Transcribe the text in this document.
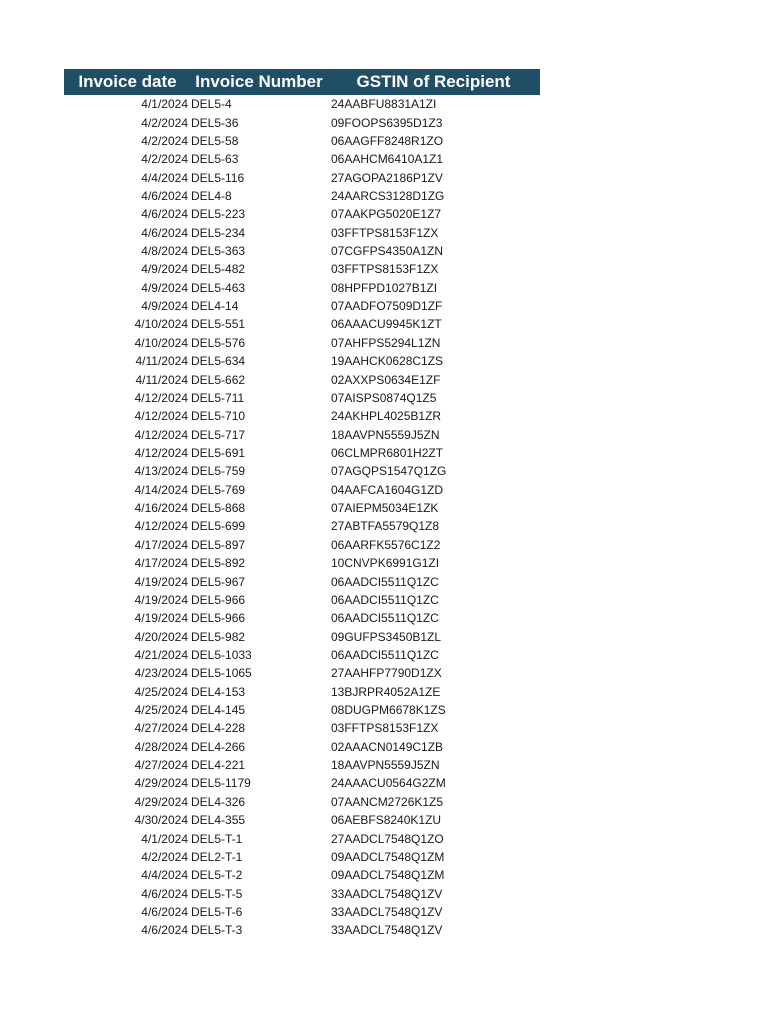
Invoice date	Invoice Number	GSTIN of Recipient
4/1/2024 DEL5-4	24AABFU8831A1ZI
4/2/2024 DEL5-36	09FOOPS6395D1Z3
4/2/2024 DEL5-58	06AAGFF8248R1ZO
4/2/2024 DEL5-63	06AAHCM6410A1Z1
4/4/2024 DEL5-116	27AGOPA2186P1ZV
4/6/2024 DEL4-8	24AARCS3128D1ZG
4/6/2024 DEL5-223	07AAKPG5020E1Z7
4/6/2024 DEL5-234	03FFTPS8153F1ZX
4/8/2024 DEL5-363	07CGFPS4350A1ZN
4/9/2024 DEL5-482	03FFTPS8153F1ZX
4/9/2024 DEL5-463	08HPFPD1027B1ZI
4/9/2024 DEL4-14	07AADFO7509D1ZF
4/10/2024 DEL5-551	06AAACU9945K1ZT
4/10/2024 DEL5-576	07AHFPS5294L1ZN
4/11/2024 DEL5-634	19AAHCK0628C1ZS
4/11/2024 DEL5-662	02AXXPS0634E1ZF
4/12/2024 DEL5-711	07AISPS0874Q1Z5
4/12/2024 DEL5-710	24AKHPL4025B1ZR
4/12/2024 DEL5-717	18AAVPN5559J5ZN
4/12/2024 DEL5-691	06CLMPR6801H2ZT
4/13/2024 DEL5-759	07AGQPS1547Q1ZG
4/14/2024 DEL5-769	04AAFCA1604G1ZD
4/16/2024 DEL5-868	07AIEPM5034E1ZK
4/12/2024 DEL5-699	27ABTFA5579Q1Z8
4/17/2024 DEL5-897	06AARFK5576C1Z2
4/17/2024 DEL5-892	10CNVPK6991G1ZI
4/19/2024 DEL5-967	06AADCI5511Q1ZC
4/19/2024 DEL5-966	06AADCI5511Q1ZC
4/19/2024 DEL5-966	06AADCI5511Q1ZC
4/20/2024 DEL5-982	09GUFPS3450B1ZL
4/21/2024 DEL5-1033	06AADCI5511Q1ZC
4/23/2024 DEL5-1065	27AAHFP7790D1ZX
4/25/2024 DEL4-153	13BJRPR4052A1ZE
4/25/2024 DEL4-145	08DUGPM6678K1ZS
4/27/2024 DEL4-228	03FFTPS8153F1ZX
4/28/2024 DEL4-266	02AAACN0149C1ZB
4/27/2024 DEL4-221	18AAVPN5559J5ZN
4/29/2024 DEL5-1179	24AAACU0564G2ZM
4/29/2024 DEL4-326	07AANCM2726K1Z5
4/30/2024 DEL4-355	06AEBFS8240K1ZU
4/1/2024 DEL5-T-1	27AADCL7548Q1ZO
4/2/2024 DEL2-T-1	09AADCL7548Q1ZM
4/4/2024 DEL5-T-2	09AADCL7548Q1ZM
4/6/2024 DEL5-T-5	33AADCL7548Q1ZV
4/6/2024 DEL5-T-6	33AADCL7548Q1ZV
4/6/2024 DEL5-T-3	33AADCL7548Q1ZV
